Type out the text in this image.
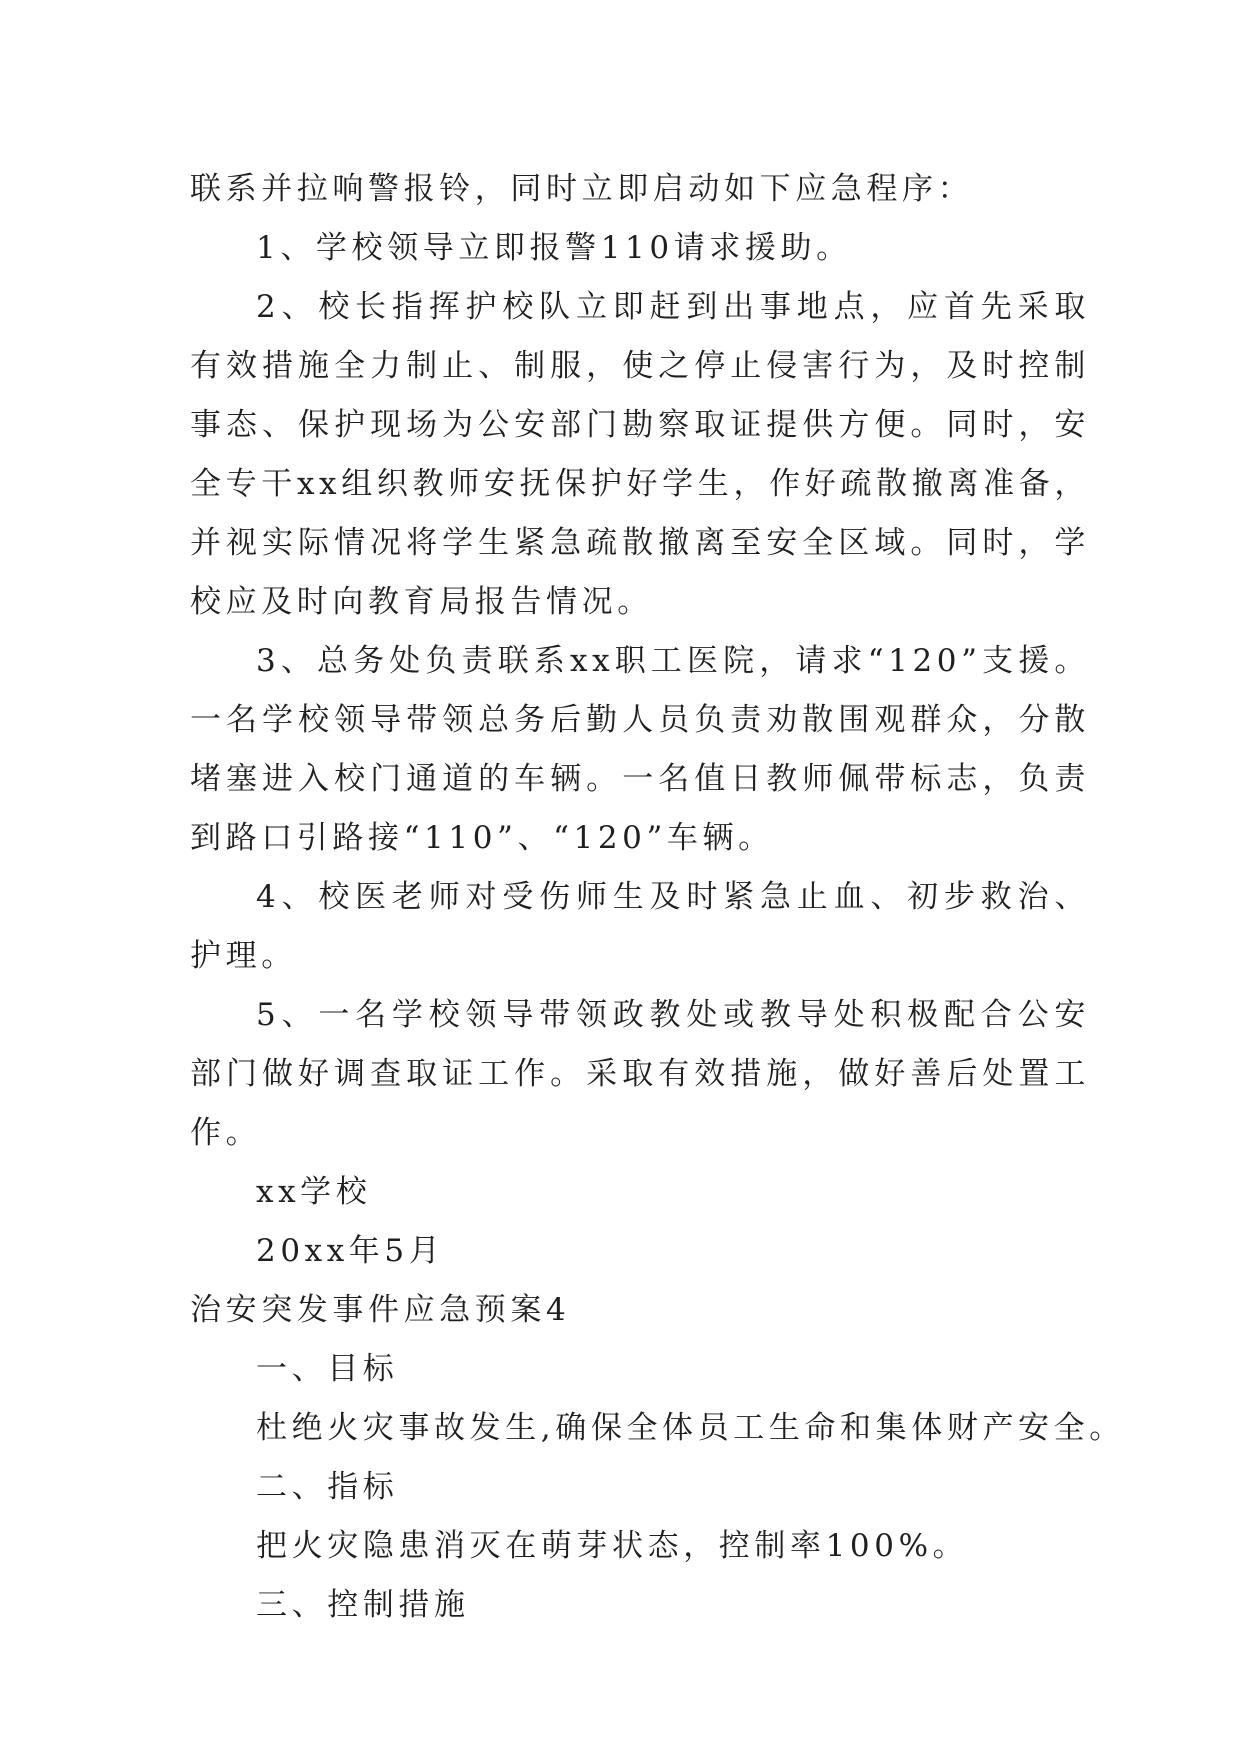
联系并拉响警报铃，同时立即启动如下应急程序：

1、学校领导立即报警110请求援助。

2、校长指挥护校队立即赶到出事地点，应首先采取有效措施全力制止、制服，使之停止侵害行为，及时控制事态、保护现场为公安部门勘察取证提供方便。同时，安全专干xx组织教师安抚保护好学生，作好疏散撤离准备，并视实际情况将学生紧急疏散撤离至安全区域。同时，学校应及时向教育局报告情况。

3、总务处负责联系xx职工医院，请求“120”支援。一名学校领导带领总务后勤人员负责劝散围观群众，分散堵塞进入校门通道的车辆。一名值日教师佩带标志，负责到路口引路接“110”、“120”车辆。

4、校医老师对受伤师生及时紧急止血、初步救治、护理。

5、一名学校领导带领政教处或教导处积极配合公安部门做好调查取证工作。采取有效措施，做好善后处置工作。

xx学校

20xx年5月

治安突发事件应急预案4

一、目标

杜绝火灾事故发生,确保全体员工生命和集体财产安全。

二、指标

把火灾隐患消灭在萌芽状态，控制率100%。

三、控制措施
